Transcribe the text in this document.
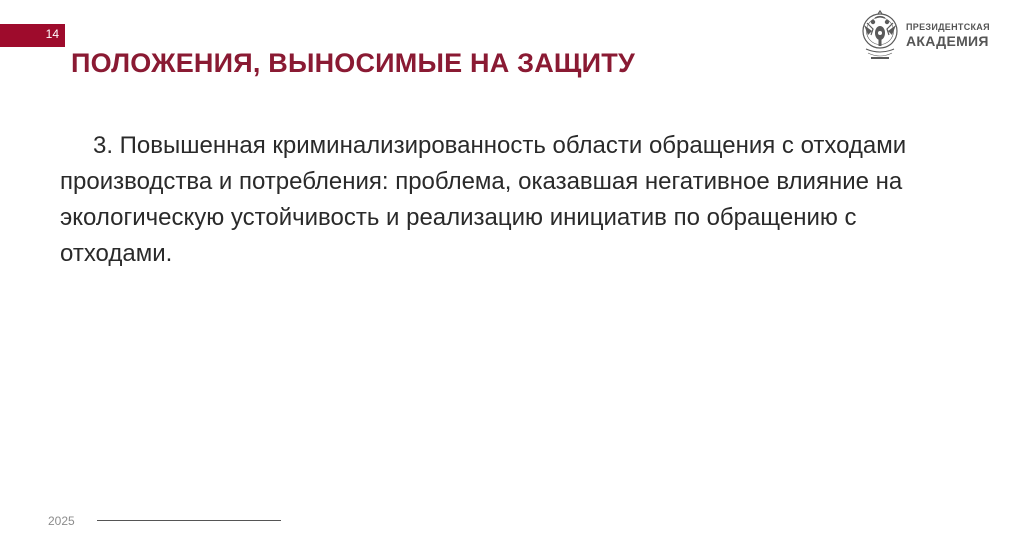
14
ПОЛОЖЕНИЯ, ВЫНОСИМЫЕ НА ЗАЩИТУ
ПРЕЗИДЕНТСКАЯ
АКАДЕМИЯ

3. Повышенная криминализированность области обращения с отходами производства и потребления: проблема, оказавшая негативное влияние на экологическую устойчивость и реализацию инициатив по обращению с отходами.

2025
